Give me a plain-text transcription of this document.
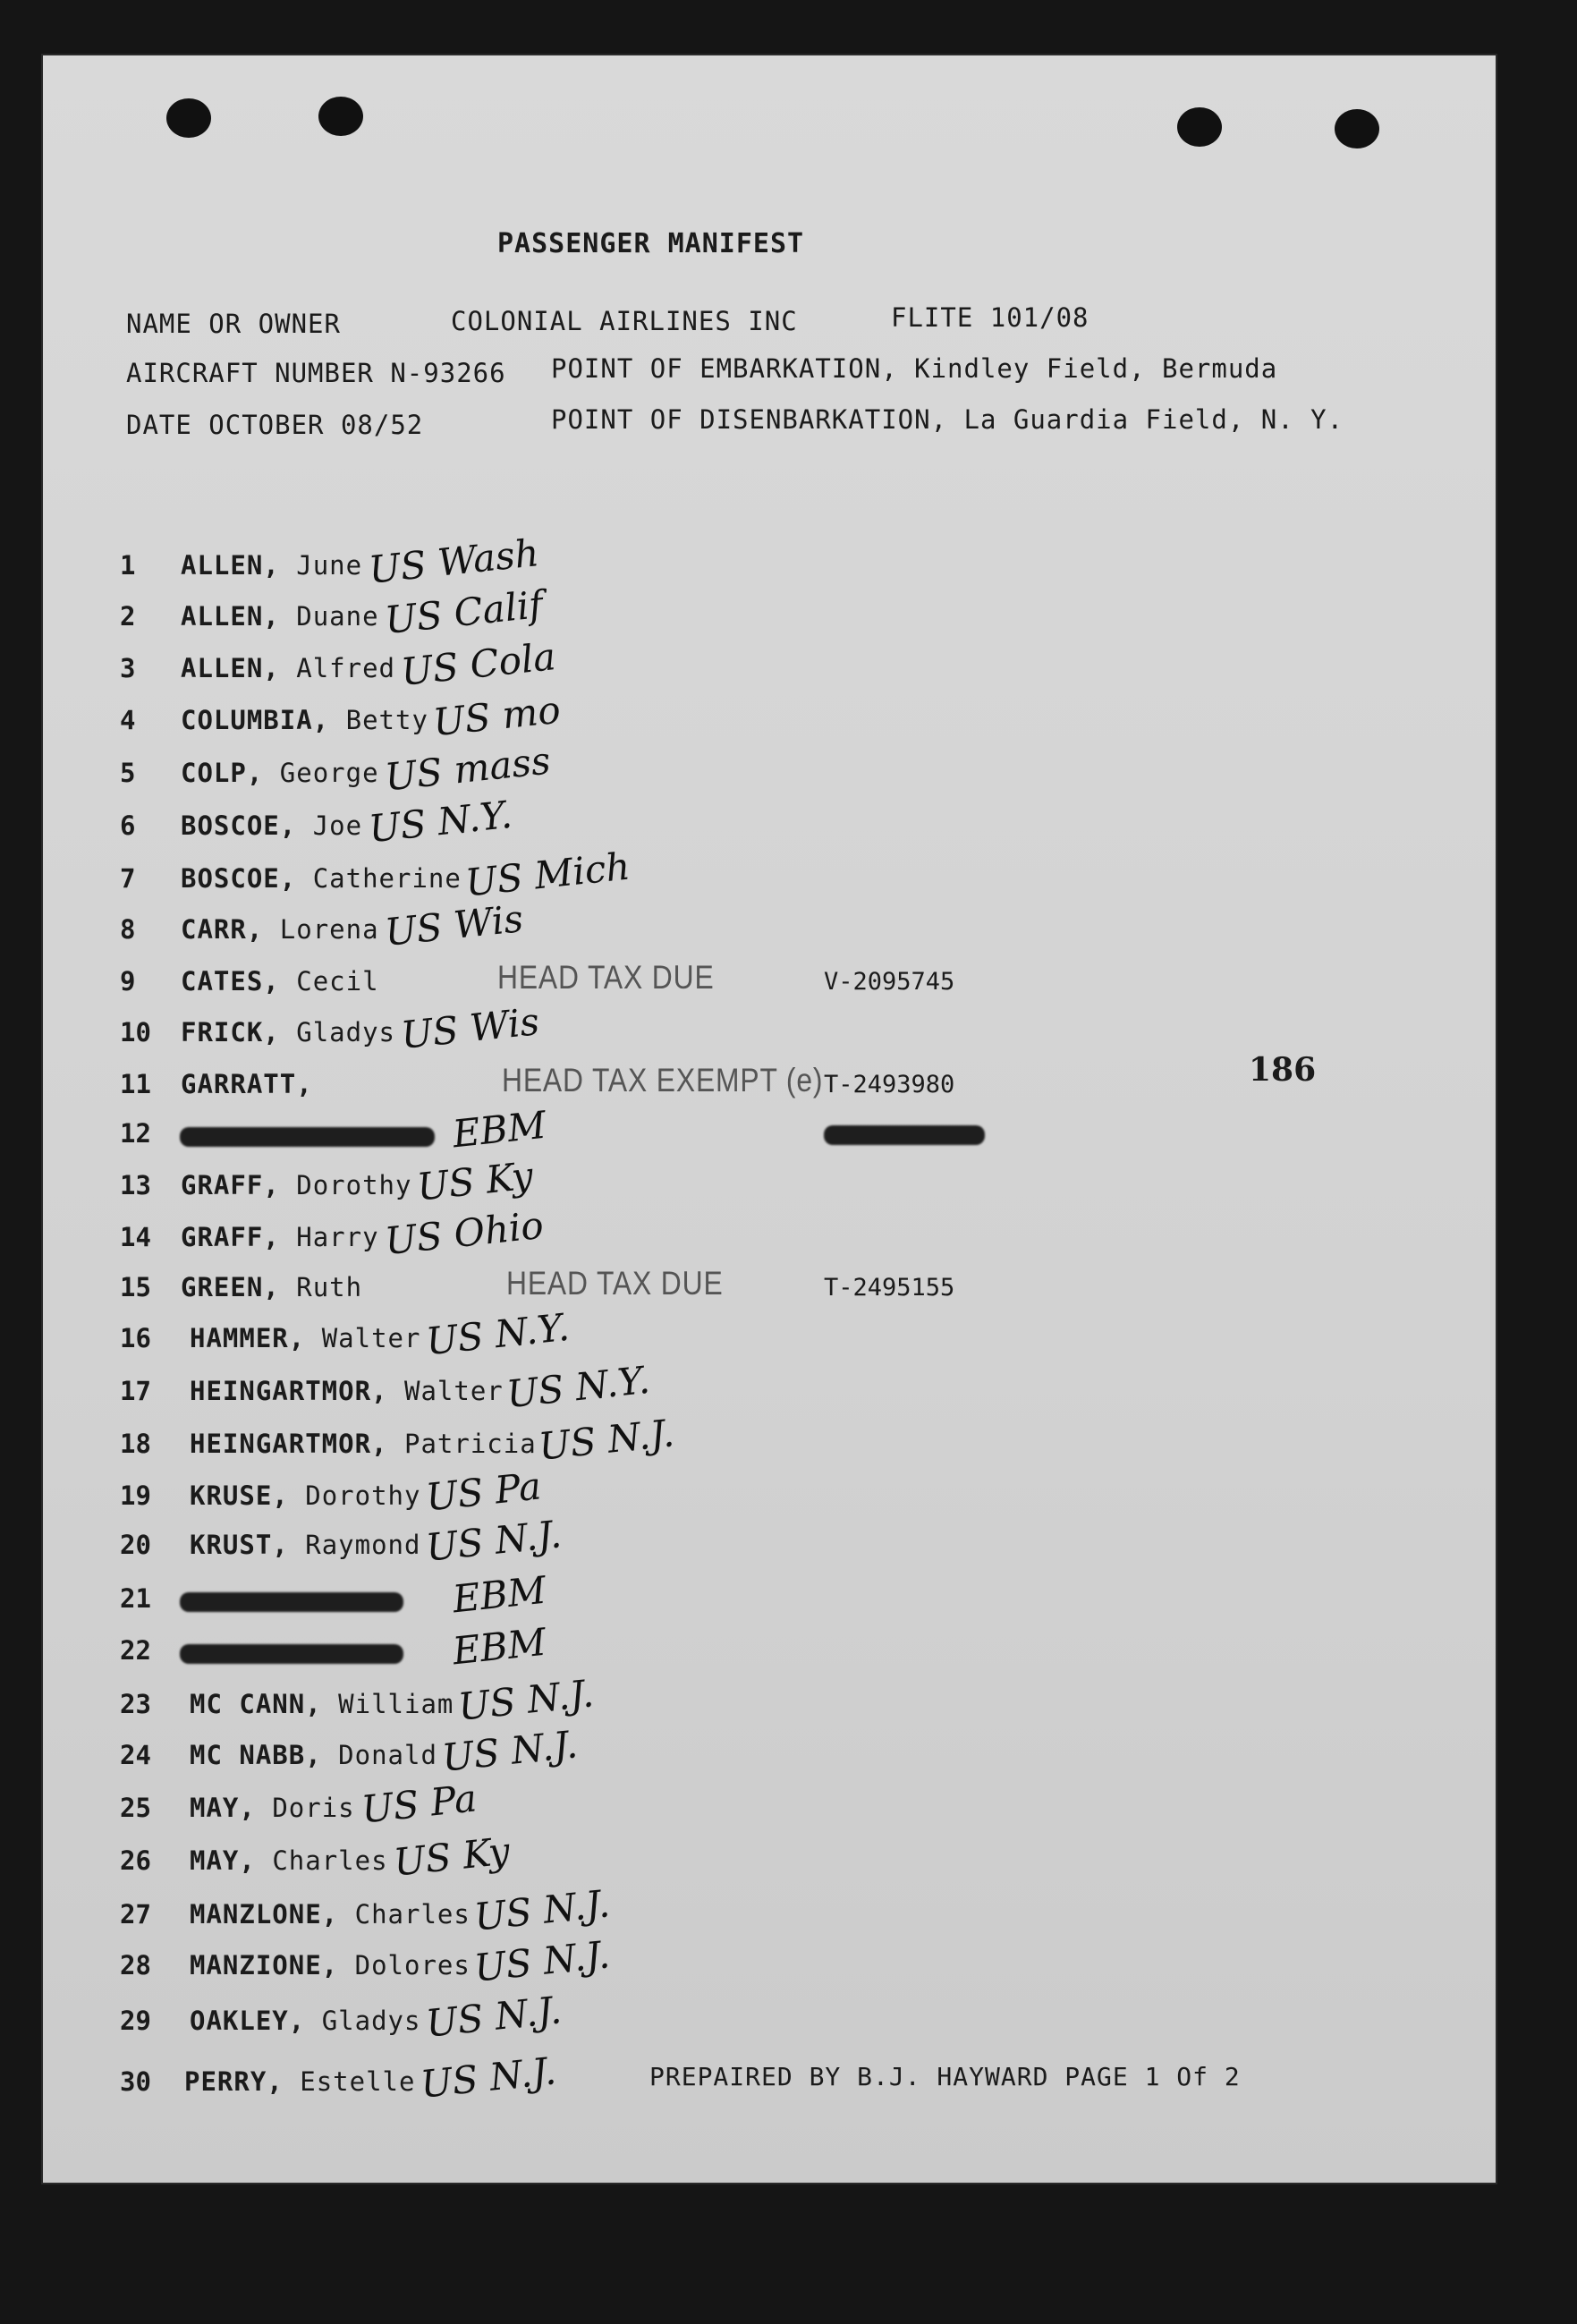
PASSENGER MANIFEST
NAME OR OWNER	COLONIAL AIRLINES INC	FLITE 101/08
AIRCRAFT NUMBER N-93266 POINT OF EMBARKATION, Kindley Field, Bermuda
DATE OCTOBER 08/52	POINT OF DISENBARKATION, La Guardia Field, N. Y.
1	ALLEN, June US Wash
2	ALLEN, Duane US Calif
3	ALLEN, Alfred US Cola
4	COLUMBIA, Betty US mo
5	COLP, George US mass
6	BOSCOE, Joe US N.Y.
7	BOSCOE, Catherine US Mich
8	CARR, Lorena US Wis
9	CATES, Cecil	HEAD TAX DUE	V-2095745
10	FRICK, Gladys US Wis
11	GARRATT,	HEAD TAX EXEMPT (e) T-2493980
12	EBM
13	GRAFF, Dorothy US Ky
14	GRAFF, Harry US Ohio
15	GREEN, Ruth	HEAD TAX DUE	T-2495155
16	HAMMER, Walter US N.Y.
17	HEINGARTMOR, Walter US N.Y.
18	HEINGARTMOR, Patricia US N.J.
19	KRUSE, Dorothy US Pa
20	KRUST, Raymond US N.J.
21	EBM
22	EBM
23	MC CANN, William US N.J.
24	MC NABB, Donald US N.J.
25	MAY, Doris US Pa
26	MAY, Charles US Ky
27	MANZLONE, Charles US N.J.
28	MANZIONE, Dolores US N.J.
29	OAKLEY, Gladys US N.J.
30	PERRY, Estelle US N.J.
186
PREPAIRED BY B.J. HAYWARD PAGE 1 Of 2
